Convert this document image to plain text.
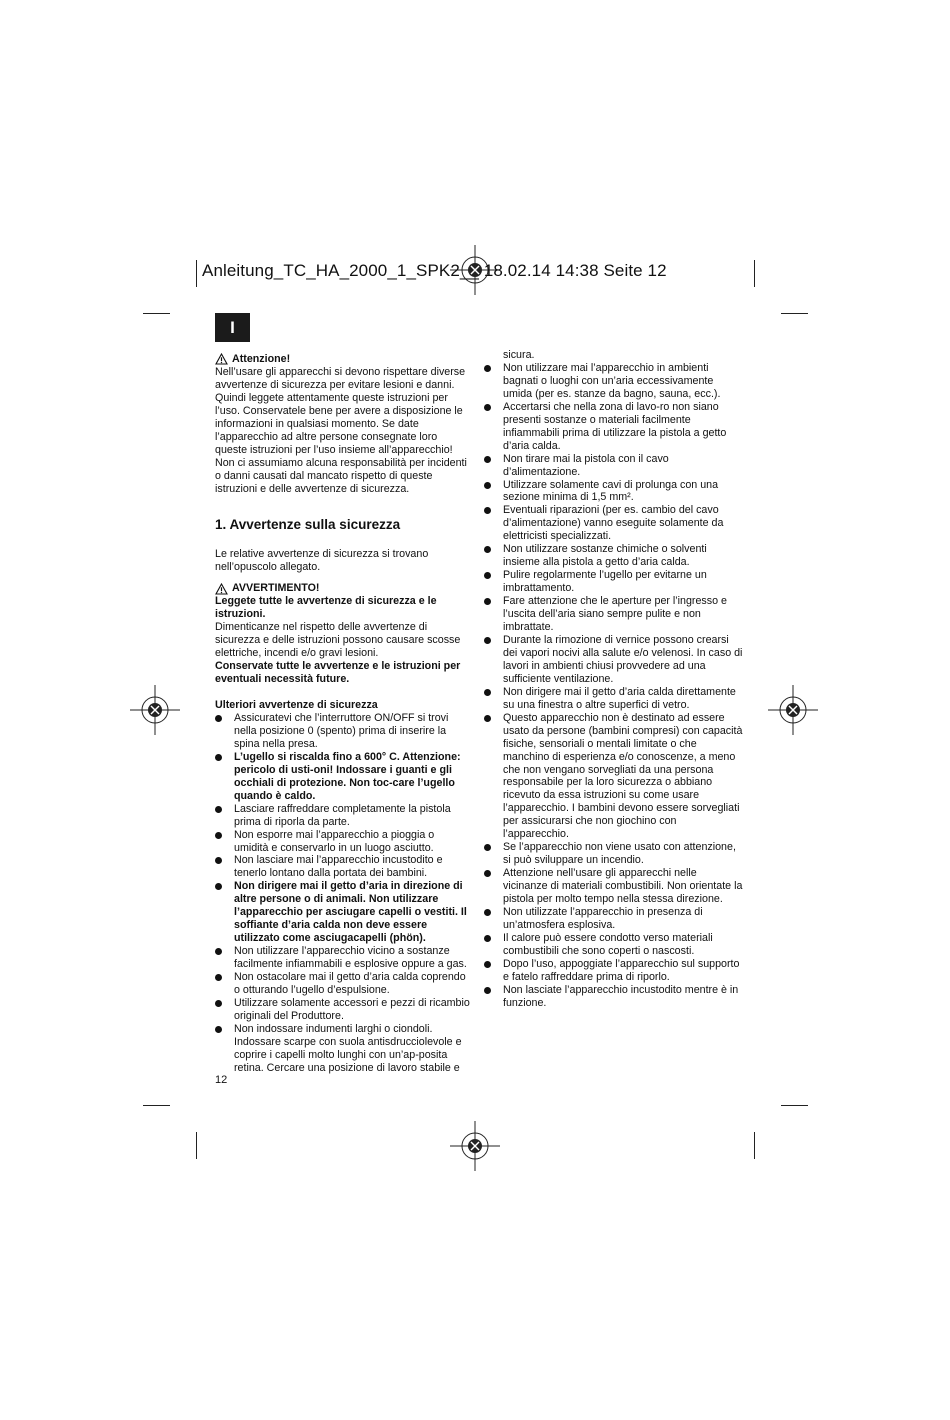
Anleitung_TC_HA_2000_1_SPK2__ 18.02.14 14:38 Seite 12
I
Attenzione!

Nell’usare gli apparecchi si devono rispettare diverse avvertenze di sicurezza per evitare lesioni e danni. Quindi leggete attentamente queste istruzioni per l’uso. Conservatele bene per avere a disposizione le informazioni in qualsiasi momento. Se date l’apparecchio ad altre persone consegnate loro queste istruzioni per l’uso insieme all’apparecchio! Non ci assumiamo alcuna responsabilità per incidenti o danni causati dal mancato rispetto di queste istruzioni e delle avvertenze di sicurezza.

1. Avvertenze sulla sicurezza

Le relative avvertenze di sicurezza si trovano nell’opuscolo allegato.

AVVERTIMENTO!

Leggete tutte le avvertenze di sicurezza e le istruzioni.

Dimenticanze nel rispetto delle avvertenze di sicurezza e delle istruzioni possono causare scosse elettriche, incendi e/o gravi lesioni.

Conservate tutte le avvertenze e le istruzioni per eventuali necessità future.

Ulteriori avvertenze di sicurezza

Assicuratevi che l’interruttore ON/OFF si trovi nella posizione 0 (spento) prima di inserire la spina nella presa.
L’ugello si riscalda fino a 600° C. Attenzione: pericolo di usti-oni! Indossare i guanti e gli occhiali di protezione. Non toc-care l’ugello quando è caldo.
Lasciare raffreddare completamente la pistola prima di riporla da parte.
Non esporre mai l’apparecchio a pioggia o umidità e conservarlo in un luogo asciutto.
Non lasciare mai l’apparecchio incustodito e tenerlo lontano dalla portata dei bambini.
Non dirigere mai il getto d’aria in direzione di altre persone o di animali. Non utilizzare l’apparecchio per asciugare capelli o vestiti. Il soffiante d’aria calda non deve essere utilizzato come asciugacapelli (phön).
Non utilizzare l’apparecchio vicino a sostanze facilmente infiammabili e esplosive oppure a gas.
Non ostacolare mai il getto d’aria calda coprendo o otturando l’ugello d’espulsione.
Utilizzare solamente accessori e pezzi di ricambio originali del Produttore.
Non indossare indumenti larghi o ciondoli. Indossare scarpe con suola antisdrucciolevole e coprire i capelli molto lunghi con un’ap-posita retina. Cercare una posizione di lavoro stabile e

sicura.

Non utilizzare mai l’apparecchio in ambienti bagnati o luoghi con un’aria eccessivamente umida (per es. stanze da bagno, sauna, ecc.).
Accertarsi che nella zona di lavo-ro non siano presenti sostanze o materiali facilmente infiammabili prima di utilizzare la pistola a getto d’aria calda.
Non tirare mai la pistola con il cavo d’alimentazione.
Utilizzare solamente cavi di prolunga con una sezione minima di 1,5 mm².
Eventuali riparazioni (per es. cambio del cavo d’alimentazione) vanno eseguite solamente da elettricisti specializzati.
Non utilizzare sostanze chimiche o solventi insieme alla pistola a getto d’aria calda.
Pulire regolarmente l’ugello per evitarne un imbrattamento.
Fare attenzione che le aperture per l’ingresso e l’uscita dell’aria siano sempre pulite e non imbrattate.
Durante la rimozione di vernice possono crearsi dei vapori nocivi alla salute e/o velenosi. In caso di lavori in ambienti chiusi provvedere ad una sufficiente ventilazione.
Non dirigere mai il getto d’aria calda direttamente su una finestra o altre superfici di vetro.
Questo apparecchio non è destinato ad essere usato da persone (bambini compresi) con capacità fisiche, sensoriali o mentali limitate o che manchino di esperienza e/o conoscenze, a meno che non vengano sorvegliati da una persona responsabile per la loro sicurezza o abbiano ricevuto da essa istruzioni su come usare l’apparecchio. I bambini devono essere sorvegliati per assicurarsi che non giochino con l’apparecchio.
Se l’apparecchio non viene usato con attenzione, si può sviluppare un incendio.
Attenzione nell’usare gli apparecchi nelle vicinanze di materiali combustibili. Non orientate la pistola per molto tempo nella stessa direzione.
Non utilizzate l’apparecchio in presenza di un’atmosfera esplosiva.
Il calore può essere condotto verso materiali combustibili che sono coperti o nascosti.
Dopo l’uso, appoggiate l’apparecchio sul supporto e fatelo raffreddare prima di riporlo.
Non lasciate l’apparecchio incustodito mentre è in funzione.
12
